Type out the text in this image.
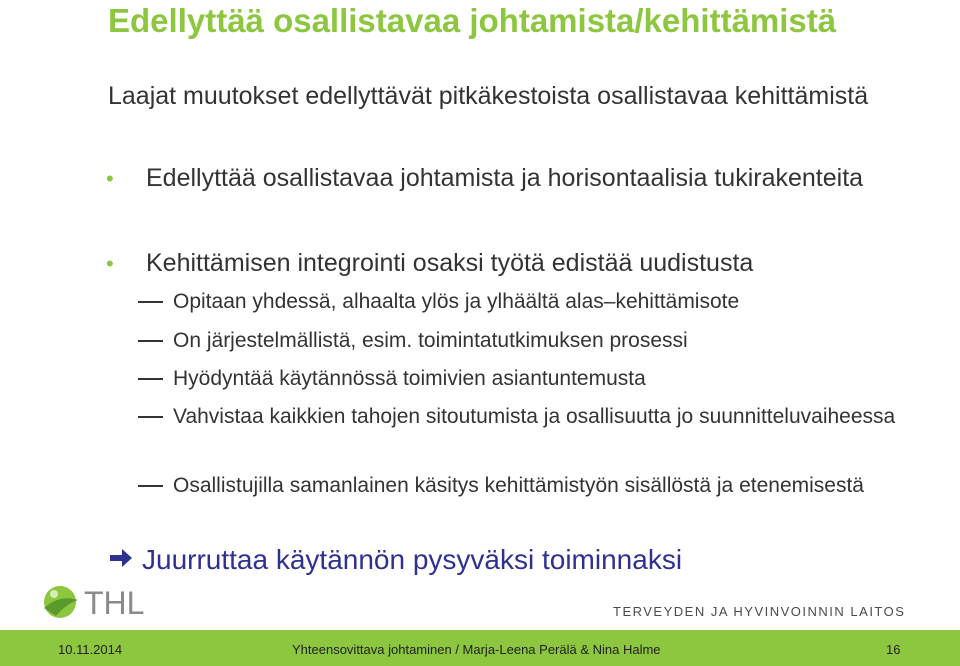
Edellyttää osallistavaa johtamista/kehittämistä

Laajat muutokset edellyttävät pitkäkestoista osallistavaa kehittämistä

• Edellyttää osallistavaa johtamista ja horisontaalisia tukirakenteita
• Kehittämisen integrointi osaksi työtä edistää uudistusta
Opitaan yhdessä, alhaalta ylös ja ylhäältä alas–kehittämisote
On järjestelmällistä, esim. toimintatutkimuksen prosessi
Hyödyntää käytännössä toimivien asiantuntemusta
Vahvistaa kaikkien tahojen sitoutumista ja osallisuutta jo suunnitteluvaiheessa
Osallistujilla samanlainen käsitys kehittämistyön sisällöstä ja etenemisestä

Juurruttaa käytännön pysyväksi toiminnaksi

THL	TERVEYDEN JA HYVINVOINNIN LAITOS
10.11.2014	Yhteensovittava johtaminen / Marja-Leena Perälä & Nina Halme	16
